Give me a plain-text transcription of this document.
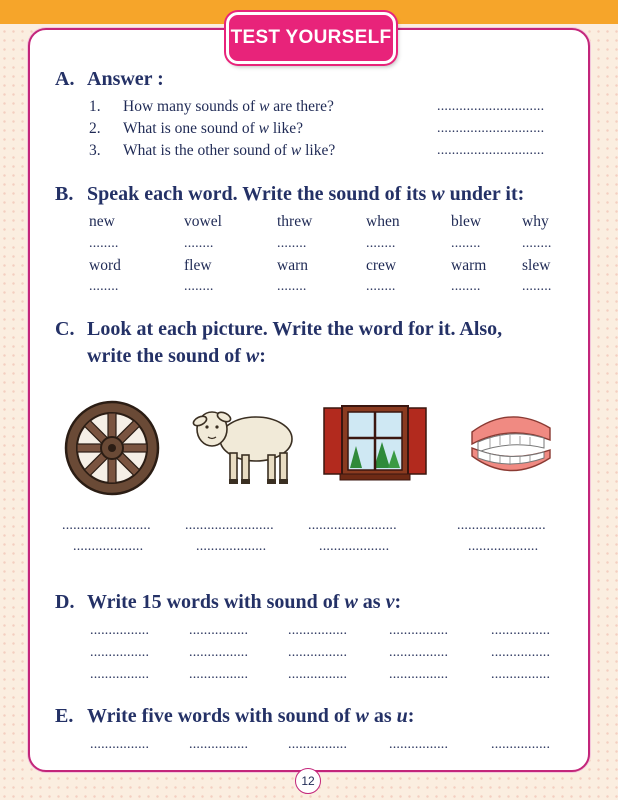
TEST YOURSELF
A. Answer :
1. How many sounds of w are there?	.............................
2. What is one sound of w like?	.............................
3. What is the other sound of w like?	.............................
B. Speak each word. Write the sound of its w under it:
new	vowel	threw	when	blew	why
........	........	........	........	........	........
word	flew	warn	crew	warm slew
........	........	........	........	........	........
C. Look at each picture. Write the word for it. Also,
write the sound of w:
........................
...................
........................
...................
........................
...................
........................
...................
D. Write 15 words with sound of w as v:
................	................	................	................	................
................	................	................	................	................
................	................	................	................	................
E. Write five words with sound of w as u:
................	................	................	................	................
12
